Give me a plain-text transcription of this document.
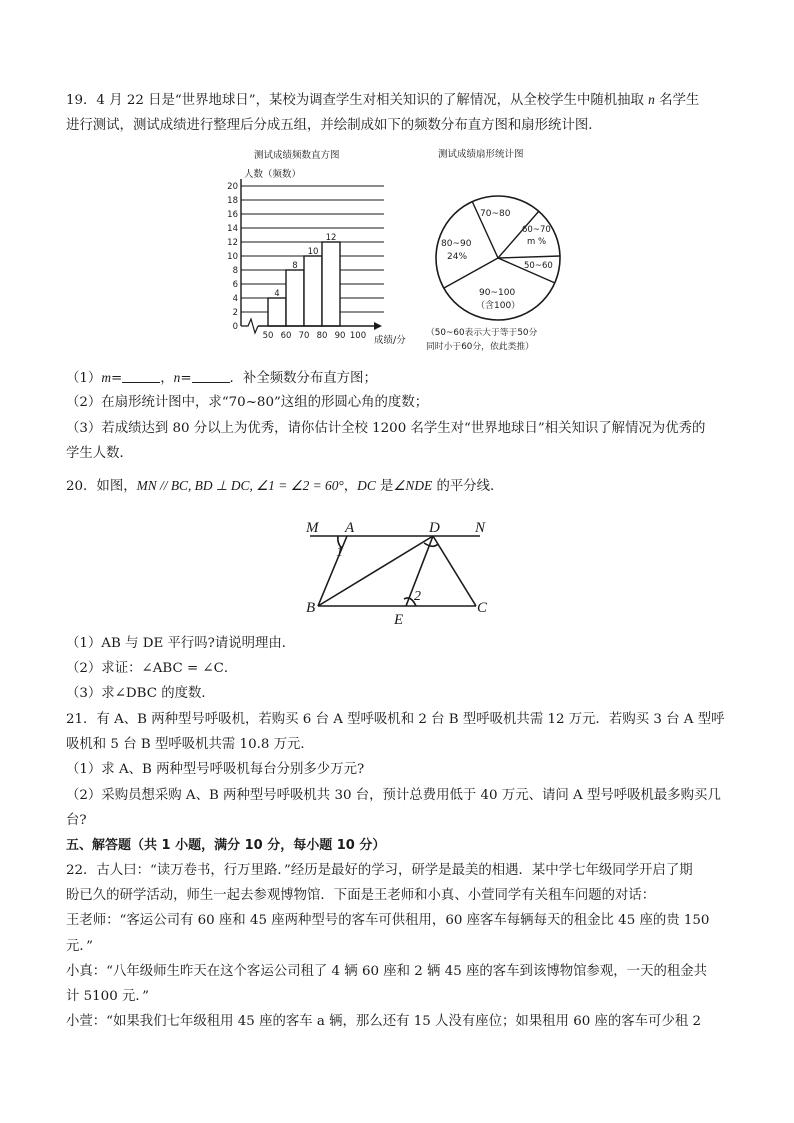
19．4 月 22 日是“世界地球日”，某校为调查学生对相关知识的了解情况，从全校学生中随机抽取 n 名学生
进行测试，测试成绩进行整理后分成五组，并绘制成如下的频数分布直方图和扇形统计图．
测试成绩频数直方图
人数（频数）
0
2
4
6
8
10
12
14
16
18
20
4
8
10
12
50 60 70 80 90 100 成绩/分
测试成绩扇形统计图
70~80
60~70
m %
50~60
80~90
24%
90~100
（含100）
（50~60表示大于等于50分
同时小于60分，依此类推）
（1）m=	，n=	．补全频数分布直方图；
（2）在扇形统计图中，求“70~80”这组的形圆心角的度数；
（3）若成绩达到 80 分以上为优秀，请你估计全校 1200 名学生对“世界地球日”相关知识了解情况为优秀的
学生人数．
20．如图，MN // BC, BD ⊥ DC, ∠1 = ∠2 = 60°，DC 是∠NDE 的平分线．
M A	D N
B
E
C
1
2
（1）AB 与 DE 平行吗?请说明理由．
（2）求证：∠ABC = ∠C．
（3）求∠DBC 的度数．
21．有 A、B 两种型号呼吸机，若购买 6 台 A 型呼吸机和 2 台 B 型呼吸机共需 12 万元．若购买 3 台 A 型呼
吸机和 5 台 B 型呼吸机共需 10.8 万元．
（1）求 A、B 两种型号呼吸机每台分别多少万元?
（2）采购员想采购 A、B 两种型号呼吸机共 30 台，预计总费用低于 40 万元、请问 A 型号呼吸机最多购买几
台?
五、解答题（共 1 小题，满分 10 分，每小题 10 分）
22．古人曰：“读万卷书，行万里路．”经历是最好的学习，研学是最美的相遇．某中学七年级同学开启了期
盼已久的研学活动，师生一起去参观博物馆．下面是王老师和小真、小萱同学有关租车问题的对话：
王老师：“客运公司有 60 座和 45 座两种型号的客车可供租用，60 座客车每辆每天的租金比 45 座的贵 150
元．”
小真：“八年级师生昨天在这个客运公司租了 4 辆 60 座和 2 辆 45 座的客车到该博物馆参观，一天的租金共
计 5100 元．”
小萱：“如果我们七年级租用 45 座的客车 a 辆，那么还有 15 人没有座位；如果租用 60 座的客车可少租 2
